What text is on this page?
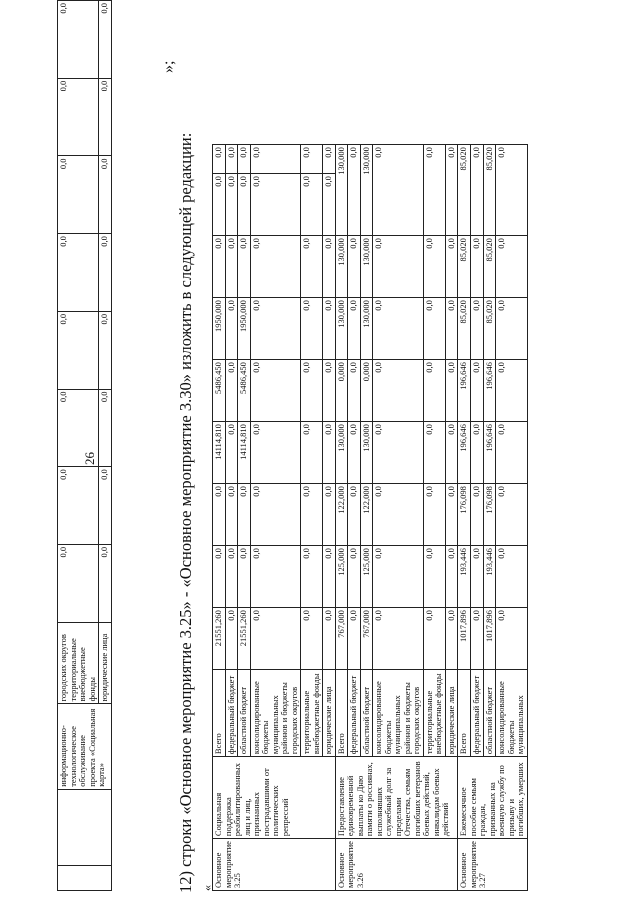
26
		информационно-технологическое обслуживание проекта «Социальная карта»	городских округов территориальные внебюджетные фонды	0,0	0,0	0,0	0,0	0,0	0,0	0,0	0,0
			юридические лица	0,0	0,0	0,0	0,0	0,0	0,0	0,0	0,0
»;
12) строки «Основное мероприятие 3.25» - «Основное мероприятие 3.30» изложить в следующей редакции: « Основное мероприятие 3.25	Социальная поддержка реабилитированных лиц и лиц, признанных пострадавшими от политических репрессий	Всего	21551,260	0,0	0,0	14114,810	5486,450	1950,000	0,0	0,0	0,0
		федеральный бюджет	0,0	0,0	0,0	0,0	0,0	0,0	0,0	0,0	0,0
		областной бюджет	21551,260	0,0	0,0	14114,810	5486,450	1950,000	0,0	0,0	0,0
		консолидированные бюджеты муниципальных районов и бюджеты городских округов	0,0	0,0	0,0	0,0	0,0	0,0	0,0	0,0	0,0
		территориальные внебюджетные фонды	0,0	0,0	0,0	0,0	0,0	0,0	0,0	0,0	0,0
		юридические лица	0,0	0,0	0,0	0,0	0,0	0,0	0,0	0,0	0,0
Основное мероприятие 3.26	Предоставление единовременной выплаты ко Дню памяти о россиянах, исполнявших служебный долг за пределами Отечества, семьям погибших ветеранов боевых действий, инвалидам боевых действий	Всего	767,000	125,000	122,000	130,000	0,000	130,000	130,000	130,000	
		федеральный бюджет	0,0	0,0	0,0	0,0	0,0	0,0	0,0	0,0	
		областной бюджет	767,000	125,000	122,000	130,000	0,000	130,000	130,000	130,000	
		консолидированные бюджеты муниципальных районов и бюджеты городских округов	0,0	0,0	0,0	0,0	0,0	0,0	0,0	0,0	
		территориальные внебюджетные фонды	0,0	0,0	0,0	0,0	0,0	0,0	0,0	0,0	
		юридические лица	0,0	0,0	0,0	0,0	0,0	0,0	0,0	0,0	
Основное мероприятие 3.27	Ежемесячное пособие семьям граждан, призванных на военную службу по призыву и погибших, умерших	Всего	1017,896	193,446	176,098	196,646	196,646	85,020	85,020	85,020	
		федеральный бюджет	0,0	0,0	0,0	0,0	0,0	0,0	0,0	0,0	
		областной бюджет	1017,896	193,446	176,098	196,646	196,646	85,020	85,020	85,020	
		консолидированные бюджеты муниципальных	0,0	0,0	0,0	0,0	0,0	0,0	0,0	0,0	
